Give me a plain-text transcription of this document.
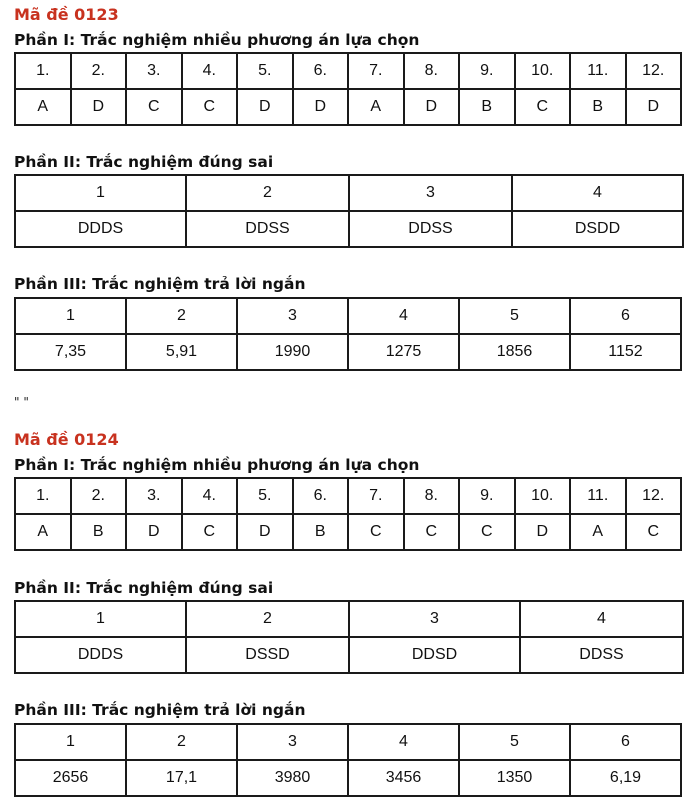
Mã đề 0123
Phần I: Trắc nghiệm nhiều phương án lựa chọn
1.	2.	3.	4.	5.	6.	7.	8.	9.	10.	11.	12.
A	D	C	C	D	D	A	D	B	C	B	D
Phần II: Trắc nghiệm đúng sai
1	2	3	4
DDDS	DDSS	DDSS	DSDD
Phần III: Trắc nghiệm trả lời ngắn
1	2	3	4	5	6
7,35	5,91	1990	1275	1856	1152
" "
Mã đề 0124
Phần I: Trắc nghiệm nhiều phương án lựa chọn
1.	2.	3.	4.	5.	6.	7.	8.	9.	10.	11.	12.
A	B	D	C	D	B	C	C	C	D	A	C
Phần II: Trắc nghiệm đúng sai
1	2	3	4
DDDS	DSSD	DDSD	DDSS
Phần III: Trắc nghiệm trả lời ngắn
1	2	3	4	5	6
2656	17,1	3980	3456	1350	6,19
